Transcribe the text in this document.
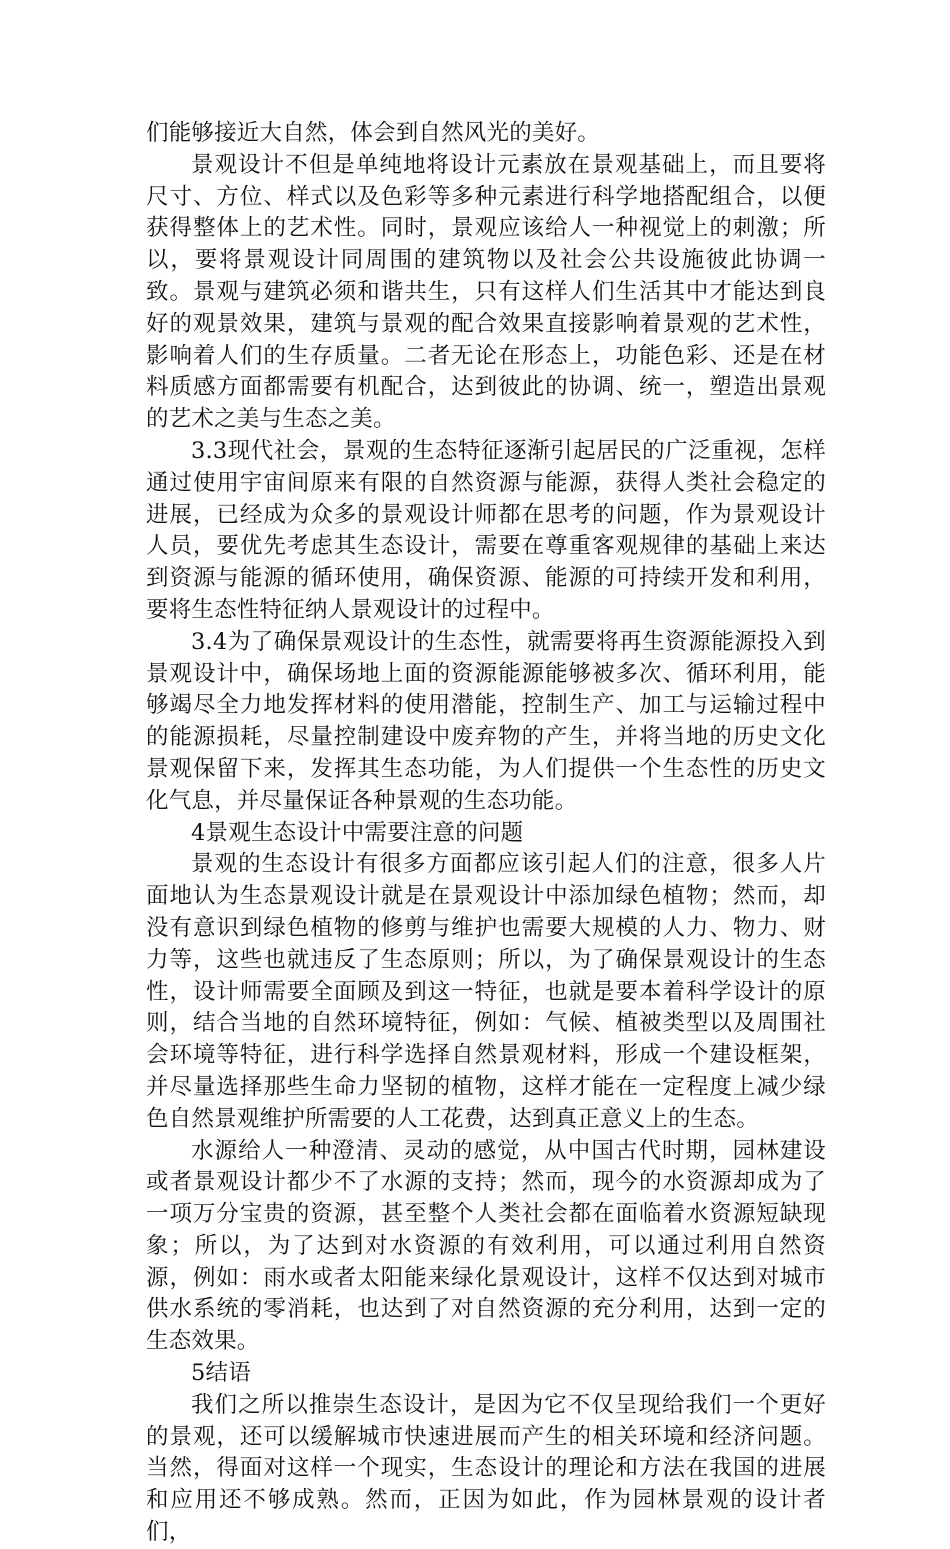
们能够接近大自然，体会到自然风光的美好。

景观设计不但是单纯地将设计元素放在景观基础上，而且要将尺寸、方位、样式以及色彩等多种元素进行科学地搭配组合，以便获得整体上的艺术性。同时，景观应该给人一种视觉上的刺激；所以，要将景观设计同周围的建筑物以及社会公共设施彼此协调一致。景观与建筑必须和谐共生，只有这样人们生活其中才能达到良好的观景效果，建筑与景观的配合效果直接影响着景观的艺术性，影响着人们的生存质量。二者无论在形态上，功能色彩、还是在材料质感方面都需要有机配合，达到彼此的协调、统一，塑造出景观的艺术之美与生态之美。

3.3现代社会，景观的生态特征逐渐引起居民的广泛重视，怎样通过使用宇宙间原来有限的自然资源与能源，获得人类社会稳定的进展，已经成为众多的景观设计师都在思考的问题，作为景观设计人员，要优先考虑其生态设计，需要在尊重客观规律的基础上来达到资源与能源的循环使用，确保资源、能源的可持续开发和利用，要将生态性特征纳人景观设计的过程中。

3.4为了确保景观设计的生态性，就需要将再生资源能源投入到景观设计中，确保场地上面的资源能源能够被多次、循环利用，能够竭尽全力地发挥材料的使用潜能，控制生产、加工与运输过程中的能源损耗，尽量控制建设中废弃物的产生，并将当地的历史文化景观保留下来，发挥其生态功能，为人们提供一个生态性的历史文化气息，并尽量保证各种景观的生态功能。

4景观生态设计中需要注意的问题

景观的生态设计有很多方面都应该引起人们的注意，很多人片面地认为生态景观设计就是在景观设计中添加绿色植物；然而，却没有意识到绿色植物的修剪与维护也需要大规模的人力、物力、财力等，这些也就违反了生态原则；所以，为了确保景观设计的生态性，设计师需要全面顾及到这一特征，也就是要本着科学设计的原则，结合当地的自然环境特征，例如：气候、植被类型以及周围社会环境等特征，进行科学选择自然景观材料，形成一个建设框架，并尽量选择那些生命力坚韧的植物，这样才能在一定程度上减少绿色自然景观维护所需要的人工花费，达到真正意义上的生态。

水源给人一种澄清、灵动的感觉，从中国古代时期，园林建设或者景观设计都少不了水源的支持；然而，现今的水资源却成为了一项万分宝贵的资源，甚至整个人类社会都在面临着水资源短缺现象；所以，为了达到对水资源的有效利用，可以通过利用自然资源，例如：雨水或者太阳能来绿化景观设计，这样不仅达到对城市供水系统的零消耗，也达到了对自然资源的充分利用，达到一定的生态效果。

5结语

我们之所以推崇生态设计，是因为它不仅呈现给我们一个更好的景观，还可以缓解城市快速进展而产生的相关环境和经济问题。当然，得面对这样一个现实，生态设计的理论和方法在我国的进展和应用还不够成熟。然而，正因为如此，作为园林景观的设计者们，
